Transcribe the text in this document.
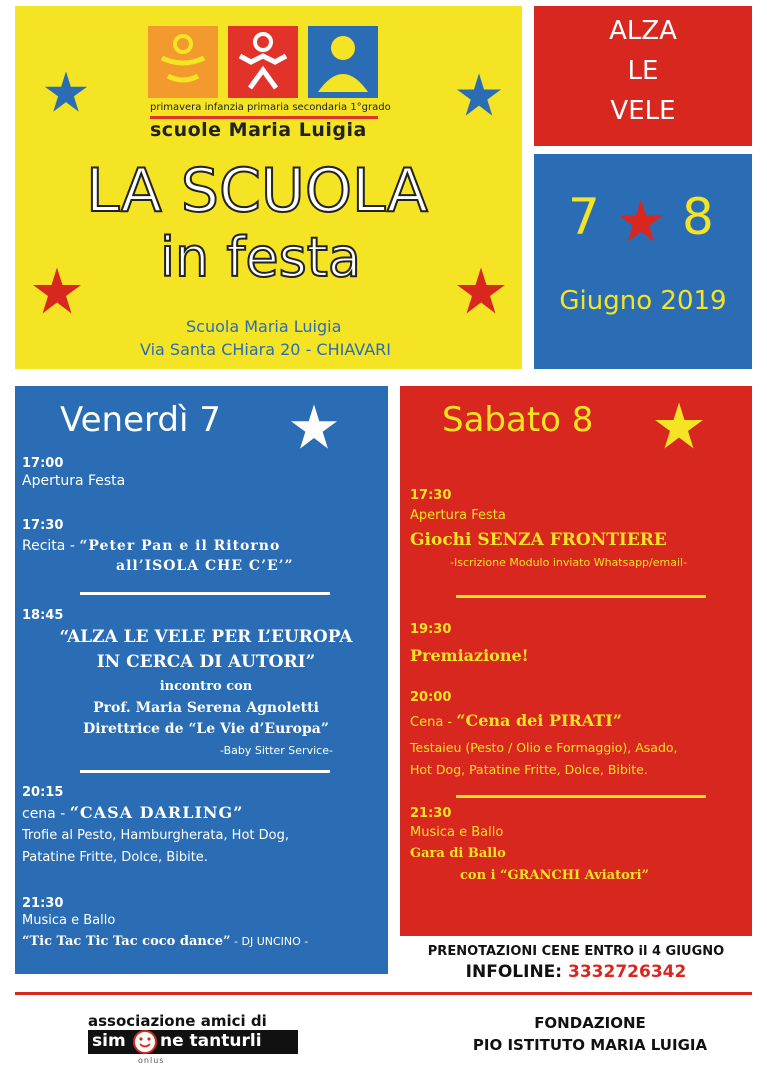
primavera infanzia primaria secondaria 1°grado
scuole Maria Luigia
LA SCUOLA
in festa
Scuola Maria Luigia
Via Santa CHiara 20 - CHIAVARI
ALZA
LE
VELE
7 8
Giugno 2019
Venerdì 7
17:00
Apertura Festa
17:30
Recita - “Peter Pan e il Ritorno
all’ISOLA CHE C’E’”
18:45
“ALZA LE VELE PER L’EUROPA
IN CERCA DI AUTORI”
incontro con
Prof. Maria Serena Agnoletti
Direttrice de “Le Vie d’Europa”
-Baby Sitter Service-
20:15
cena - “CASA DARLING”
Trofie al Pesto, Hamburgherata, Hot Dog,
Patatine Fritte, Dolce, Bibite.
21:30
Musica e Ballo
“Tic Tac Tic Tac coco dance” - DJ UNCINO -
Sabato 8
17:30
Apertura Festa
Giochi SENZA FRONTIERE
-Iscrizione Modulo inviato Whatsapp/email-
19:30
Premiazione!
20:00
Cena - “Cena dei PIRATI”
Testaieu (Pesto / Olio e Formaggio), Asado,
Hot Dog, Patatine Fritte, Dolce, Bibite.
21:30
Musica e Ballo
Gara di Ballo
con i “GRANCHI Aviatori”
PRENOTAZIONI CENE ENTRO il 4 GIUGNO
INFOLINE: 3332726342
associazione amici di
sim ne tanturli
onlus
FONDAZIONE
PIO ISTITUTO MARIA LUIGIA
